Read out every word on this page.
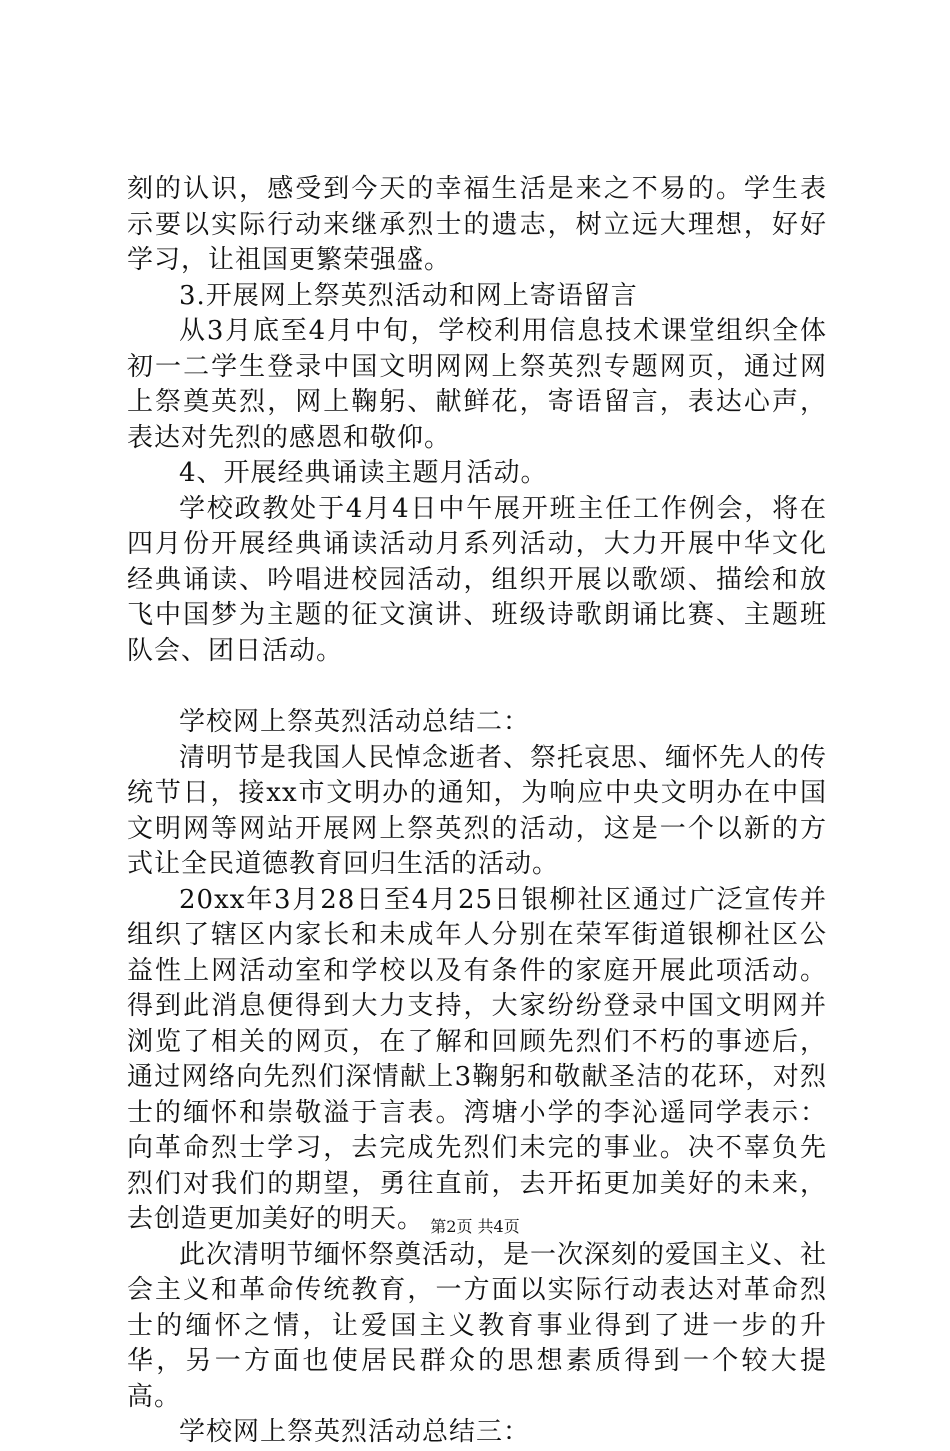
刻的认识，感受到今天的幸福生活是来之不易的。学生表示要以实际行动来继承烈士的遗志，树立远大理想，好好学习，让祖国更繁荣强盛。

3.开展网上祭英烈活动和网上寄语留言

从3月底至4月中旬，学校利用信息技术课堂组织全体初一二学生登录中国文明网网上祭英烈专题网页，通过网上祭奠英烈，网上鞠躬、献鲜花，寄语留言，表达心声，表达对先烈的感恩和敬仰。

4、开展经典诵读主题月活动。

学校政教处于4月4日中午展开班主任工作例会，将在四月份开展经典诵读活动月系列活动，大力开展中华文化经典诵读、吟唱进校园活动，组织开展以歌颂、描绘和放飞中国梦为主题的征文演讲、班级诗歌朗诵比赛、主题班队会、团日活动。

学校网上祭英烈活动总结二：

清明节是我国人民悼念逝者、祭托哀思、缅怀先人的传统节日，接xx市文明办的通知，为响应中央文明办在中国文明网等网站开展网上祭英烈的活动，这是一个以新的方式让全民道德教育回归生活的活动。

20xx年3月28日至4月25日银柳社区通过广泛宣传并组织了辖区内家长和未成年人分别在荣军街道银柳社区公益性上网活动室和学校以及有条件的家庭开展此项活动。得到此消息便得到大力支持，大家纷纷登录中国文明网并浏览了相关的网页，在了解和回顾先烈们不朽的事迹后，通过网络向先烈们深情献上3鞠躬和敬献圣洁的花环，对烈士的缅怀和崇敬溢于言表。湾塘小学的李沁遥同学表示：向革命烈士学习，去完成先烈们未完的事业。决不辜负先烈们对我们的期望，勇往直前，去开拓更加美好的未来，去创造更加美好的明天。

此次清明节缅怀祭奠活动，是一次深刻的爱国主义、社会主义和革命传统教育，一方面以实际行动表达对革命烈士的缅怀之情，让爱国主义教育事业得到了进一步的升华，另一方面也使居民群众的思想素质得到一个较大提高。

学校网上祭英烈活动总结三：

第2页 共4页
